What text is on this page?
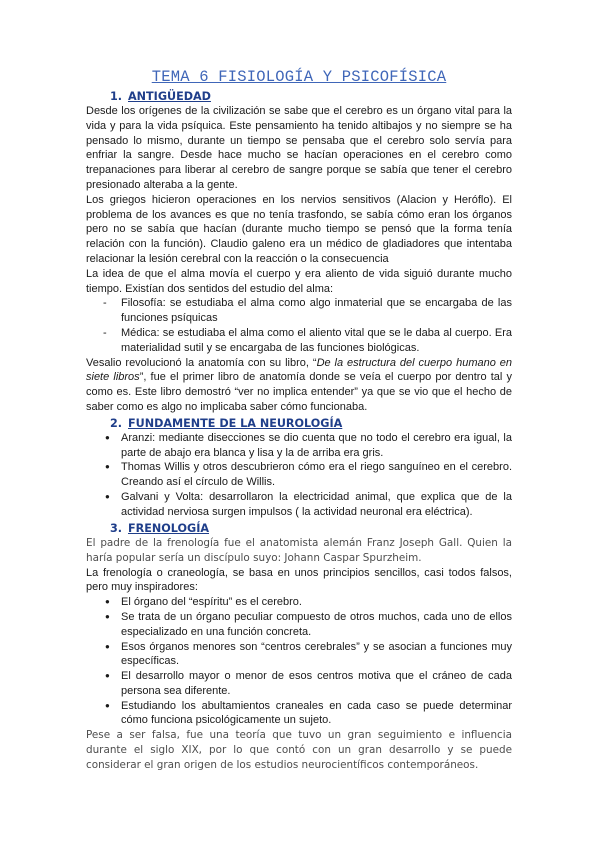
TEMA 6 FISIOLOGÍA Y PSICOFÍSICA
1. ANTIGÜEDAD

Desde los orígenes de la civilización se sabe que el cerebro es un órgano vital para la vida y para la vida psíquica. Este pensamiento ha tenido altibajos y no siempre se ha pensado lo mismo, durante un tiempo se pensaba que el cerebro solo servía para enfriar la sangre. Desde hace mucho se hacían operaciones en el cerebro como trepanaciones para liberar al cerebro de sangre porque se sabía que tener el cerebro presionado alteraba a la gente.

Los griegos hicieron operaciones en los nervios sensitivos (Alacion y Heróflo). El problema de los avances es que no tenía trasfondo, se sabía cómo eran los órganos pero no se sabía que hacían (durante mucho tiempo se pensó que la forma tenía relación con la función). Claudio galeno era un médico de gladiadores que intentaba relacionar la lesión cerebral con la reacción o la consecuencia

La idea de que el alma movía el cuerpo y era aliento de vida siguió durante mucho tiempo. Existían dos sentidos del estudio del alma:

- Filosofía: se estudiaba el alma como algo inmaterial que se encargaba de las funciones psíquicas
- Médica: se estudiaba el alma como el aliento vital que se le daba al cuerpo. Era materialidad sutil y se encargaba de las funciones biológicas.

Vesalio revolucionó la anatomía con su libro, “De la estructura del cuerpo humano en siete libros”, fue el primer libro de anatomía donde se veía el cuerpo por dentro tal y como es. Este libro demostró “ver no implica entender” ya que se vio que el hecho de saber como es algo no implicaba saber cómo funcionaba.

2. FUNDAMENTE DE LA NEUROLOGÍA
● Aranzi: mediante disecciones se dio cuenta que no todo el cerebro era igual, la parte de abajo era blanca y lisa y la de arriba era gris.
● Thomas Willis y otros descubrieron cómo era el riego sanguíneo en el cerebro. Creando así el círculo de Willis.
● Galvani y Volta: desarrollaron la electricidad animal, que explica que de la actividad nerviosa surgen impulsos ( la actividad neuronal era eléctrica).
3. FRENOLOGÍA

El padre de la frenología fue el anatomista alemán Franz Joseph Gall. Quien la haría popular sería un discípulo suyo: Johann Caspar Spurzheim.

La frenología o craneología, se basa en unos principios sencillos, casi todos falsos, pero muy inspiradores:

● El órgano del “espíritu” es el cerebro.
● Se trata de un órgano peculiar compuesto de otros muchos, cada uno de ellos especializado en una función concreta.
● Esos órganos menores son “centros cerebrales” y se asocian a funciones muy específicas.
● El desarrollo mayor o menor de esos centros motiva que el cráneo de cada persona sea diferente.
● Estudiando los abultamientos craneales en cada caso se puede determinar cómo funciona psicológicamente un sujeto.

Pese a ser falsa, fue una teoría que tuvo un gran seguimiento e influencia durante el siglo XIX, por lo que contó con un gran desarrollo y se puede considerar el gran origen de los estudios neurocientíficos contemporáneos.
